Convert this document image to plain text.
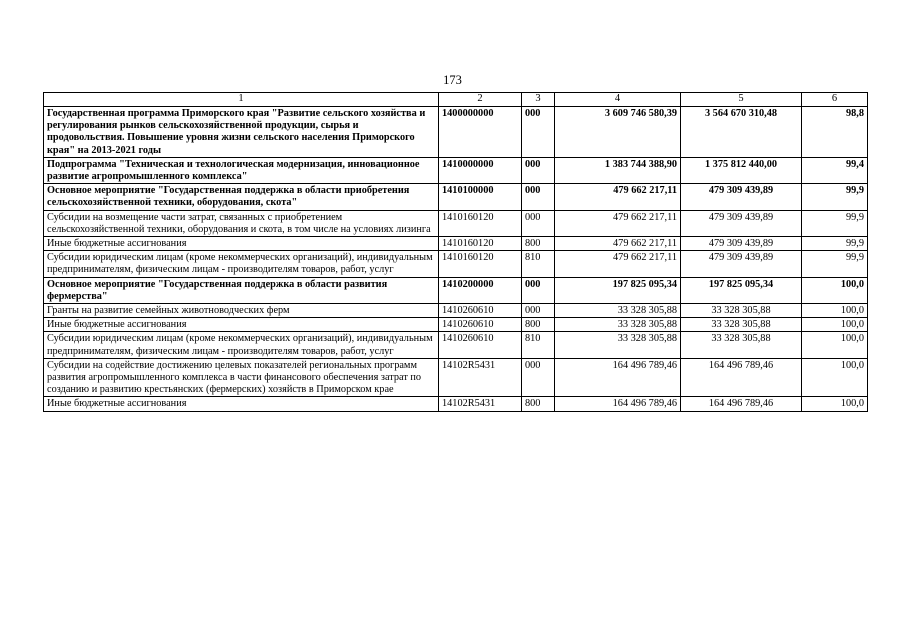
173
1	2	3	4	5	6
Государственная программа Приморского края "Развитие сельского хозяйства и регулирования рынков сельскохозяйственной продукции, сырья и продовольствия. Повышение уровня жизни сельского населения Приморского края" на 2013-2021 годы	1400000000	000	3 609 746 580,39	3 564 670 310,48	98,8
Подпрограмма "Техническая и технологическая модернизация, инновационное развитие агропромышленного комплекса"	1410000000	000	1 383 744 388,90	1 375 812 440,00	99,4
Основное мероприятие "Государственная поддержка в области приобретения сельскохозяйственной техники, оборудования, скота"	1410100000	000	479 662 217,11	479 309 439,89	99,9
Субсидии на возмещение части затрат, связанных с приобретением сельскохозяйственной техники, оборудования и скота, в том числе на условиях лизинга	1410160120	000	479 662 217,11	479 309 439,89	99,9
Иные бюджетные ассигнования	1410160120	800	479 662 217,11	479 309 439,89	99,9
Субсидии юридическим лицам (кроме некоммерческих организаций), индивидуальным предпринимателям, физическим лицам - производителям товаров, работ, услуг	1410160120	810	479 662 217,11	479 309 439,89	99,9
Основное мероприятие "Государственная поддержка в области развития фермерства"	1410200000	000	197 825 095,34	197 825 095,34	100,0
Гранты на развитие семейных животноводческих ферм	1410260610	000	33 328 305,88	33 328 305,88	100,0
Иные бюджетные ассигнования	1410260610	800	33 328 305,88	33 328 305,88	100,0
Субсидии юридическим лицам (кроме некоммерческих организаций), индивидуальным предпринимателям, физическим лицам - производителям товаров, работ, услуг	1410260610	810	33 328 305,88	33 328 305,88	100,0
Субсидии на содействие достижению целевых показателей региональных программ развития агропромышленного комплекса в части финансового обеспечения затрат по созданию и развитию крестьянских (фермерских) хозяйств в Приморском крае	14102R5431	000	164 496 789,46	164 496 789,46	100,0
Иные бюджетные ассигнования	14102R5431	800	164 496 789,46	164 496 789,46	100,0
